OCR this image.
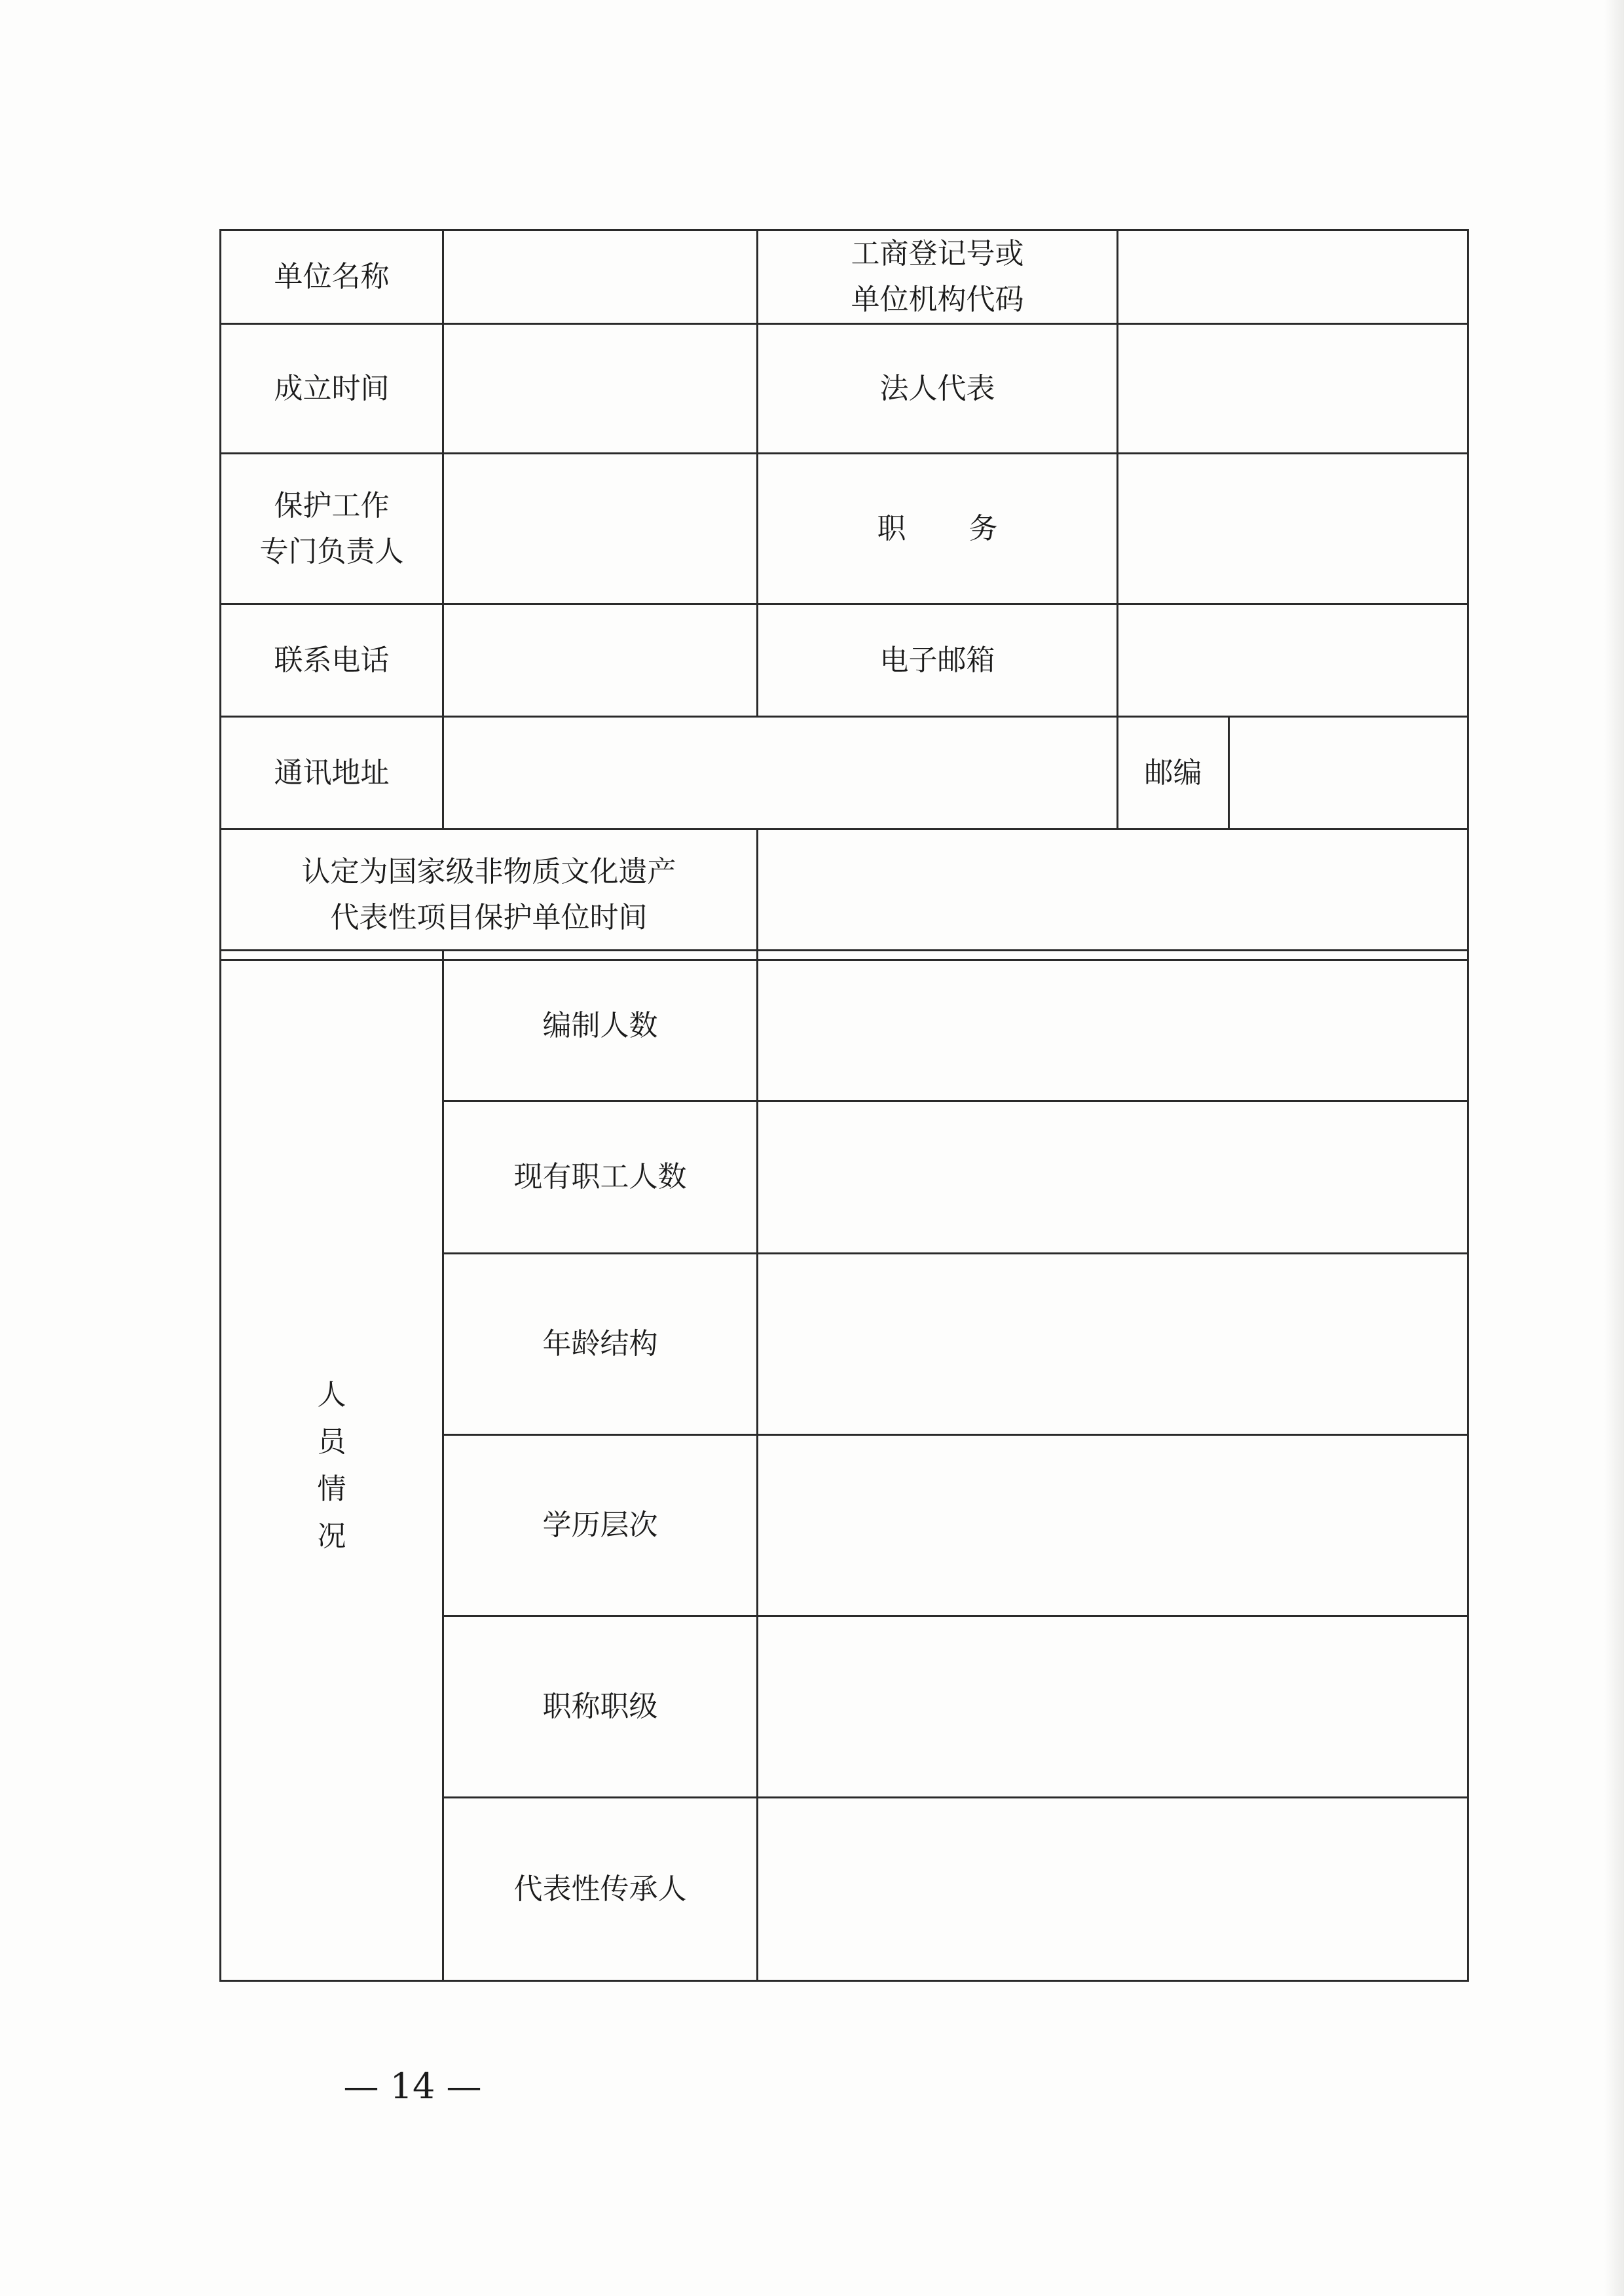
单位名称		工商登记号或
单位机构代码		

成立时间		法人代表		

保护工作
专门负责人		职务		
联系电话		电子邮箱		
通讯地址			邮编	

认定为国家级非物质文化遗产
代表性项目保护单位时间				

人
员
情
况	编制人数	
	现有职工人数	
	年龄结构	
	学历层次	
	职称职级	
	代表性传承人	
— 14 —
